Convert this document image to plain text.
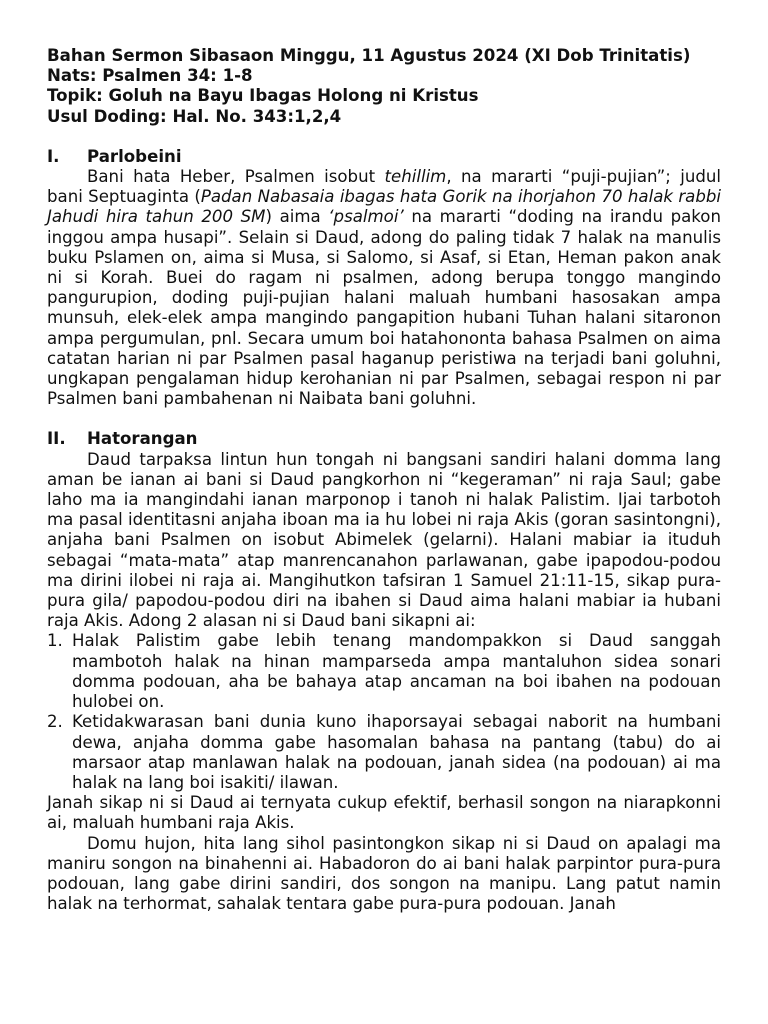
Bahan Sermon Sibasaon Minggu, 11 Agustus 2024 (XI Dob Trinitatis)

Nats: Psalmen 34: 1-8

Topik: Goluh na Bayu Ibagas Holong ni Kristus

Usul Doding: Hal. No. 343:1,2,4

I.	Parlobeini

Bani hata Heber, Psalmen isobut tehillim, na mararti “puji-pujian”; judul bani Septuaginta (Padan Nabasaia ibagas hata Gorik na ihorjahon 70 halak rabbi Jahudi hira tahun 200 SM) aima ‘psalmoi’ na mararti “doding na irandu pakon inggou ampa husapi”. Selain si Daud, adong do paling tidak 7 halak na manulis buku Pslamen on, aima si Musa, si Salomo, si Asaf, si Etan, Heman pakon anak ni si Korah. Buei do ragam ni psalmen, adong berupa tonggo mangindo pangurupion, doding puji-pujian halani maluah humbani hasosakan ampa munsuh, elek-elek ampa mangindo pangapition hubani Tuhan halani sitaronon ampa pergumulan, pnl. Secara umum boi hatahononta bahasa Psalmen on aima catatan harian ni par Psalmen pasal haganup peristiwa na terjadi bani goluhni, ungkapan pengalaman hidup kerohanian ni par Psalmen, sebagai respon ni par Psalmen bani pambahenan ni Naibata bani goluhni.

II.	Hatorangan

Daud tarpaksa lintun hun tongah ni bangsani sandiri halani domma lang aman be ianan ai bani si Daud pangkorhon ni “kegeraman” ni raja Saul; gabe laho ma ia mangindahi ianan marponop i tanoh ni halak Palistim. Ijai tarbotoh ma pasal identitasni anjaha iboan ma ia hu lobei ni raja Akis (goran sasintongni), anjaha bani Psalmen on isobut Abimelek (gelarni). Halani mabiar ia ituduh sebagai “mata-mata” atap manrencanahon parlawanan, gabe ipapodou-podou ma dirini ilobei ni raja ai. Mangihutkon tafsiran 1 Samuel 21:11-15, sikap pura-pura gila/ papodou-podou diri na ibahen si Daud aima halani mabiar ia hubani raja Akis. Adong 2 alasan ni si Daud bani sikapni ai:

1. Halak Palistim gabe lebih tenang mandompakkon si Daud sanggah mambotoh halak na hinan mamparseda ampa mantaluhon sidea sonari domma podouan, aha be bahaya atap ancaman na boi ibahen na podouan hulobei on.
2. Ketidakwarasan bani dunia kuno ihaporsayai sebagai naborit na humbani dewa, anjaha domma gabe hasomalan bahasa na pantang (tabu) do ai marsaor atap manlawan halak na podouan, janah sidea (na podouan) ai ma halak na lang boi isakiti/ ilawan.

Janah sikap ni si Daud ai ternyata cukup efektif, berhasil songon na niarapkonni ai, maluah humbani raja Akis.

Domu hujon, hita lang sihol pasintongkon sikap ni si Daud on apalagi ma maniru songon na binahenni ai. Habadoron do ai bani halak parpintor pura-pura podouan, lang gabe dirini sandiri, dos songon na manipu. Lang patut namin halak na terhormat, sahalak tentara gabe pura-pura podouan. Janah
